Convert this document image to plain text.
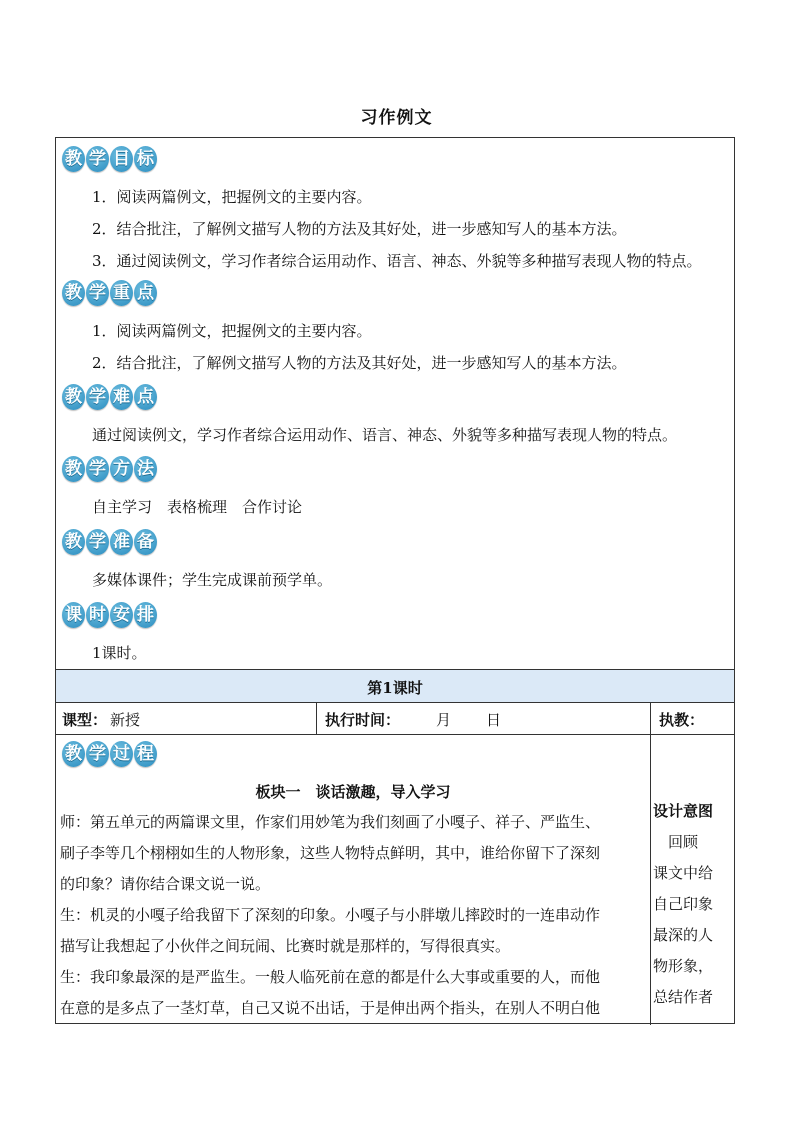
习作例文
第1课时
课型： 新授	执行时间： 月 日	执教：
教 学 目 标
1．阅读两篇例文，把握例文的主要内容。
2．结合批注，了解例文描写人物的方法及其好处，进一步感知写人的基本方法。
3．通过阅读例文，学习作者综合运用动作、语言、神态、外貌等多种描写表现人物的特点。
教 学 重 点
1．阅读两篇例文，把握例文的主要内容。
2．结合批注，了解例文描写人物的方法及其好处，进一步感知写人的基本方法。
教 学 难 点
通过阅读例文，学习作者综合运用动作、语言、神态、外貌等多种描写表现人物的特点。
教 学 方 法
自主学习　表格梳理　合作讨论
教 学 准 备
多媒体课件；学生完成课前预学单。
课 时 安 排
1课时。
教 学 过 程
板块一　谈话激趣，导入学习

师：第五单元的两篇课文里，作家们用妙笔为我们刻画了小嘎子、祥子、严监生、

刷子李等几个栩栩如生的人物形象，这些人物特点鲜明，其中，谁给你留下了深刻

的印象？请你结合课文说一说。

生：机灵的小嘎子给我留下了深刻的印象。小嘎子与小胖墩儿摔跤时的一连串动作

描写让我想起了小伙伴之间玩闹、比赛时就是那样的，写得很真实。

生：我印象最深的是严监生。一般人临死前在意的都是什么大事或重要的人，而他

在意的是多点了一茎灯草，自己又说不出话，于是伸出两个指头，在别人不明白他

设计意图
　回顾
课文中给
自己印象
最深的人
物形象，
总结作者
